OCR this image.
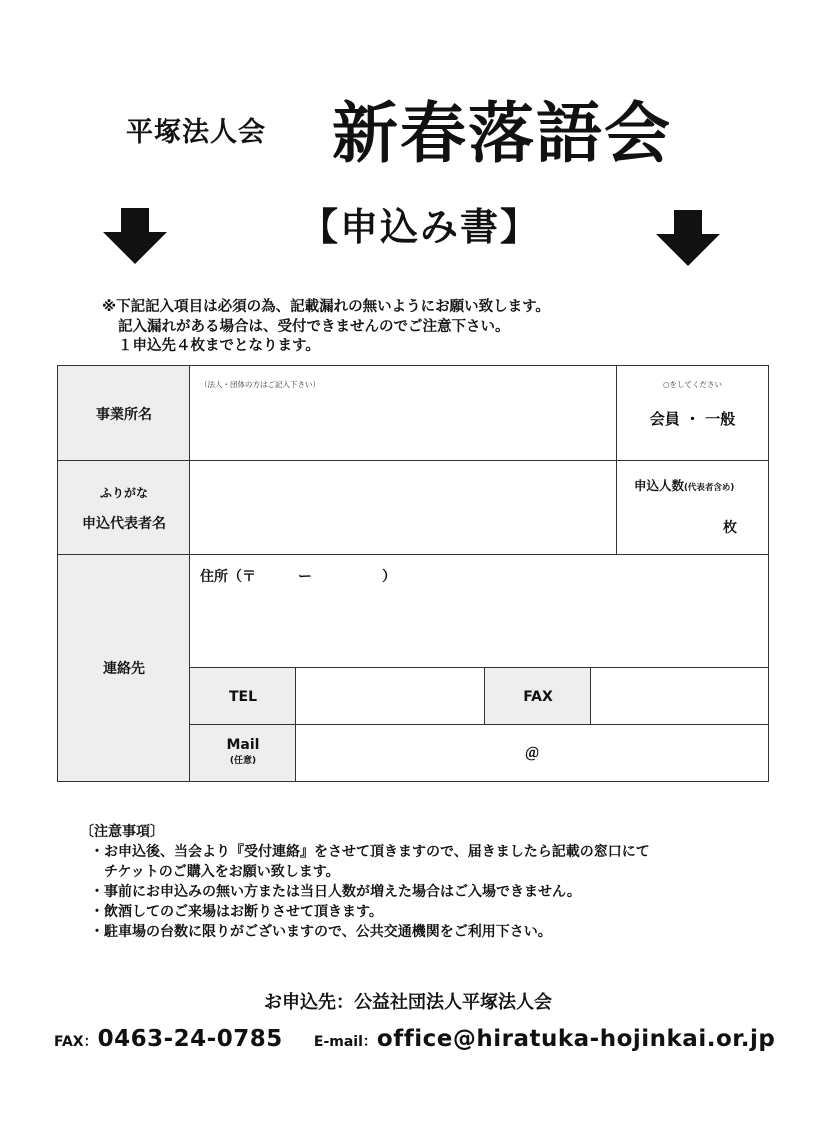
平塚法人会 新春落語会
【申込み書】
※下記記入項目は必須の為、記載漏れの無いようにお願い致します。
記入漏れがある場合は、受付できませんのでご注意下さい。
１申込先４枚までとなります。
事業所名
ふりがな
申込代表者名
連絡先
TEL	FAX
Mail
(任意)
（法人・団体の方はご記入下さい）	○をしてください
会員 ・ 一般
申込人数(代表者含め)
枚
住所（〒　　　ー　　　　　）
＠
〔注意事項〕
・お申込後、当会より『受付連絡』をさせて頂きますので、届きましたら記載の窓口にて
チケットのご購入をお願い致します。
・事前にお申込みの無い方または当日人数が増えた場合はご入場できません。
・飲酒してのご来場はお断りさせて頂きます。
・駐車場の台数に限りがございますので、公共交通機関をご利用下さい。
お申込先：公益社団法人平塚法人会
FAX：0463-24-0785 E-mail：office@hiratuka-hojinkai.or.jp
